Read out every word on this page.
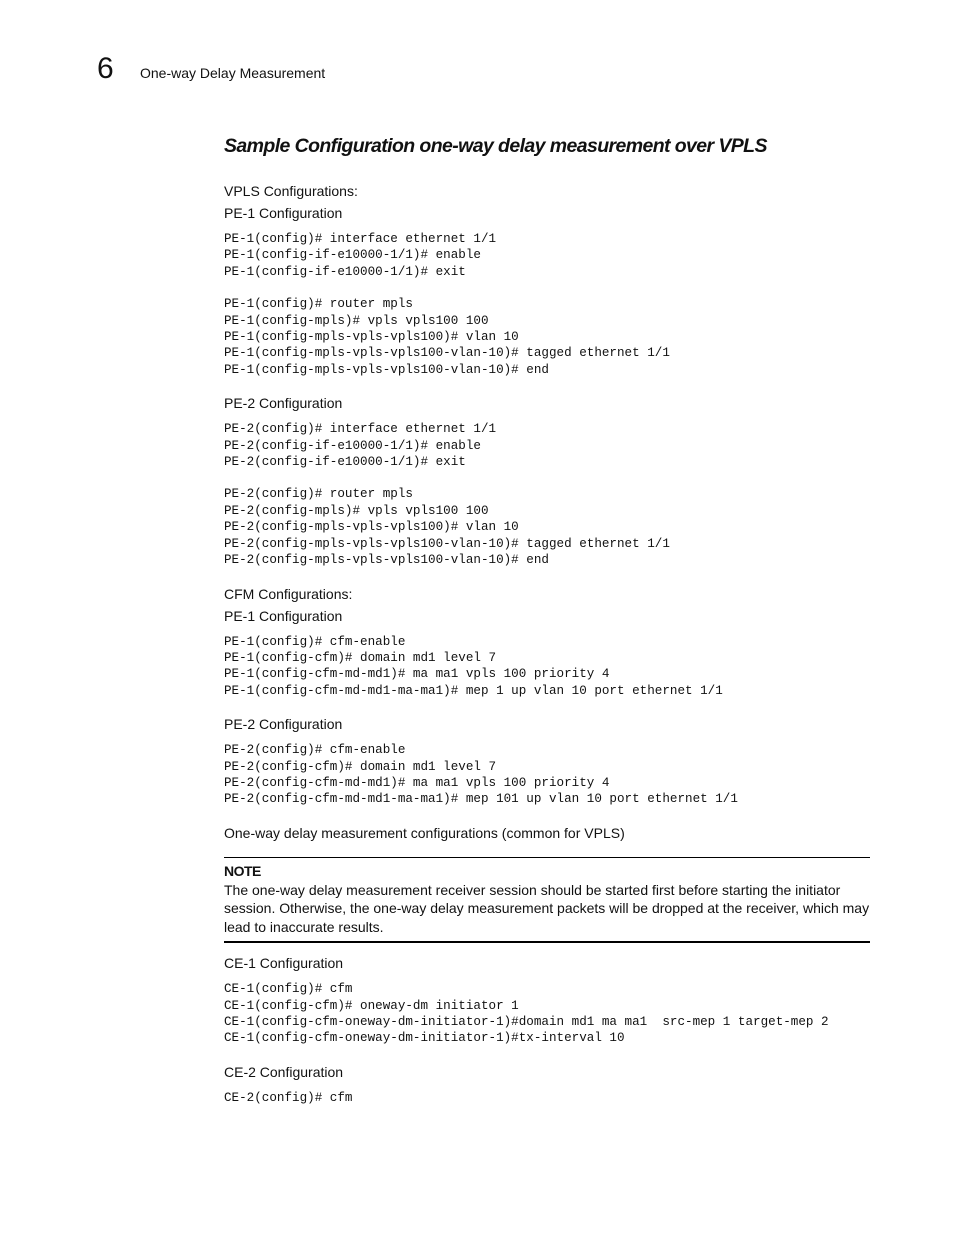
6 One-way Delay Measurement
Sample Configuration one-way delay measurement over VPLS
VPLS Configurations:
PE-1 Configuration
PE-1(config)# interface ethernet 1/1
PE-1(config-if-e10000-1/1)# enable
PE-1(config-if-e10000-1/1)# exit
PE-1(config)# router mpls
PE-1(config-mpls)# vpls vpls100 100
PE-1(config-mpls-vpls-vpls100)# vlan 10
PE-1(config-mpls-vpls-vpls100-vlan-10)# tagged ethernet 1/1
PE-1(config-mpls-vpls-vpls100-vlan-10)# end
PE-2 Configuration
PE-2(config)# interface ethernet 1/1
PE-2(config-if-e10000-1/1)# enable
PE-2(config-if-e10000-1/1)# exit
PE-2(config)# router mpls
PE-2(config-mpls)# vpls vpls100 100
PE-2(config-mpls-vpls-vpls100)# vlan 10
PE-2(config-mpls-vpls-vpls100-vlan-10)# tagged ethernet 1/1
PE-2(config-mpls-vpls-vpls100-vlan-10)# end
CFM Configurations:
PE-1 Configuration
PE-1(config)# cfm-enable
PE-1(config-cfm)# domain md1 level 7
PE-1(config-cfm-md-md1)# ma ma1 vpls 100 priority 4
PE-1(config-cfm-md-md1-ma-ma1)# mep 1 up vlan 10 port ethernet 1/1
PE-2 Configuration
PE-2(config)# cfm-enable
PE-2(config-cfm)# domain md1 level 7
PE-2(config-cfm-md-md1)# ma ma1 vpls 100 priority 4
PE-2(config-cfm-md-md1-ma-ma1)# mep 101 up vlan 10 port ethernet 1/1
One-way delay measurement configurations (common for VPLS)
NOTE
The one-way delay measurement receiver session should be started first before starting the initiator session. Otherwise, the one-way delay measurement packets will be dropped at the receiver, which may lead to inaccurate results.
CE-1 Configuration
CE-1(config)# cfm
CE-1(config-cfm)# oneway-dm initiator 1
CE-1(config-cfm-oneway-dm-initiator-1)#domain md1 ma ma1  src-mep 1 target-mep 2
CE-1(config-cfm-oneway-dm-initiator-1)#tx-interval 10
CE-2 Configuration
CE-2(config)# cfm
